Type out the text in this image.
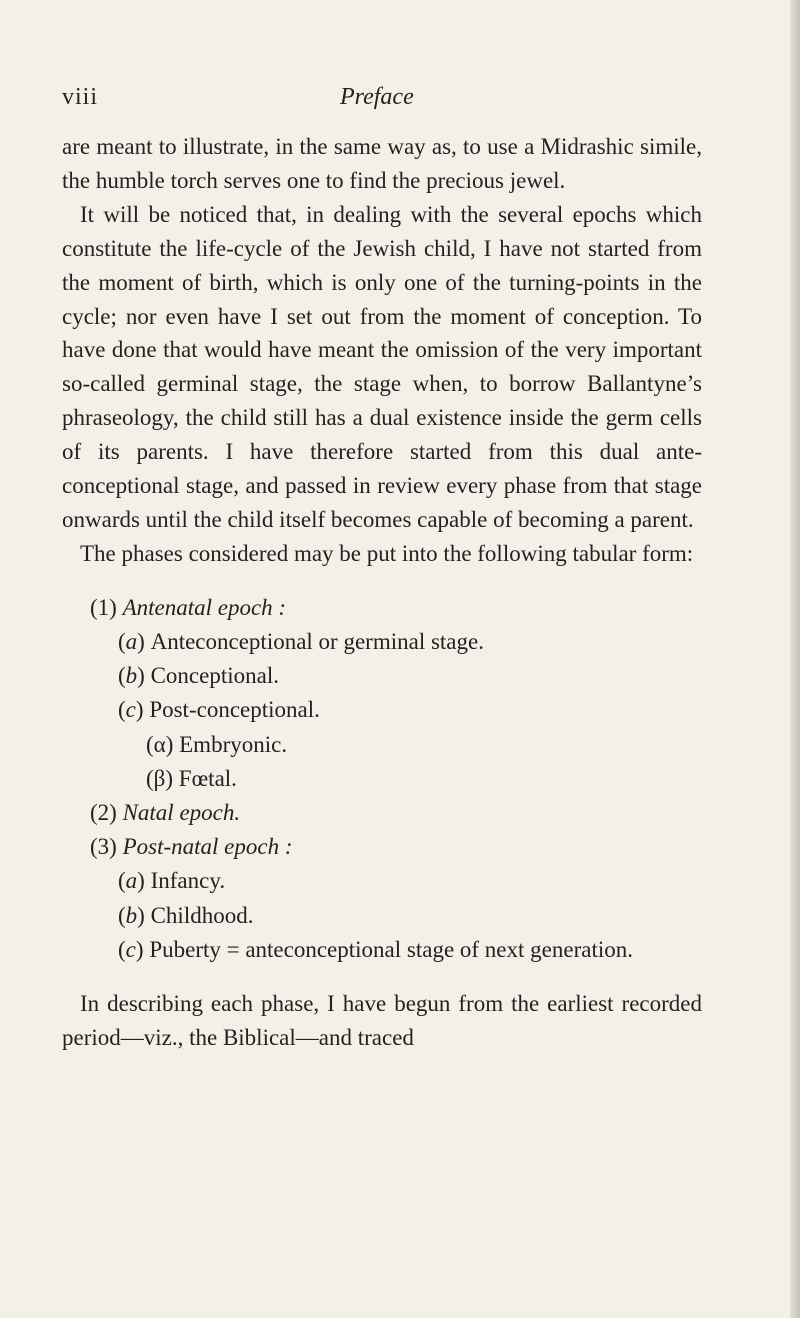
viii	Preface

are meant to illustrate, in the same way as, to use a Midrashic simile, the humble torch serves one to find the precious jewel.

It will be noticed that, in dealing with the several epochs which constitute the life-cycle of the Jewish child, I have not started from the moment of birth, which is only one of the turning-points in the cycle; nor even have I set out from the moment of conception. To have done that would have meant the omission of the very important so-called germinal stage, the stage when, to borrow Ballantyne’s phraseology, the child still has a dual existence inside the germ cells of its parents. I have therefore started from this dual ante-conceptional stage, and passed in review every phase from that stage onwards until the child itself becomes capable of becoming a parent.

The phases considered may be put into the following tabular form:

(1) Antenatal epoch :
(a) Anteconceptional or germinal stage.
(b) Conceptional.
(c) Post-conceptional.
(α) Embryonic.
(β) Fœtal.
(2) Natal epoch.
(3) Post-natal epoch :
(a) Infancy.
(b) Childhood.
(c) Puberty = anteconceptional stage of next generation.

In describing each phase, I have begun from the earliest recorded period—viz., the Biblical—and traced
